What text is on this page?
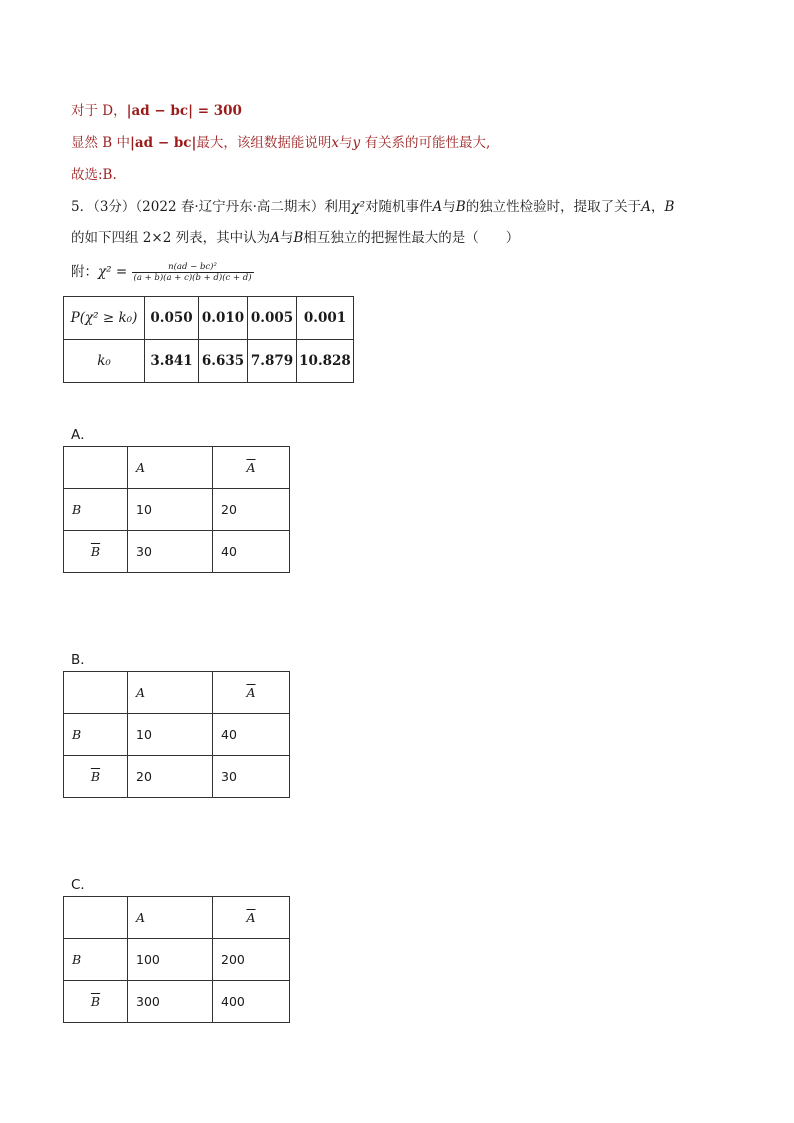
对于 D，|ad − bc| = 300
显然 B 中|ad − bc|最大，该组数据能说明x与y 有关系的可能性最大,
故选:B.
5．（3分）（2022 春·辽宁丹东·高二期末）利用χ²对随机事件A与B的独立性检验时，提取了关于A，B
的如下四组 2×2 列表，其中认为A与B相互独立的把握性最大的是（　　）
附：$\chi^2 = \frac{\text{n(ad − bc)²}}{(a + b)(a + c)(b + d)(c + d)}$
P(χ² ≥ k₀)	0.050	0.010	0.005	0.001
k₀	3.841	6.635	7.879	10.828
A．
	A	$\overline{A}$
B	10	20
$\overline{B}$	30	40
B．
	A	$\overline{A}$
B	10	40
$\overline{B}$	20	30
C．
	A	$\overline{A}$
B	100	200
$\overline{B}$	300	400
